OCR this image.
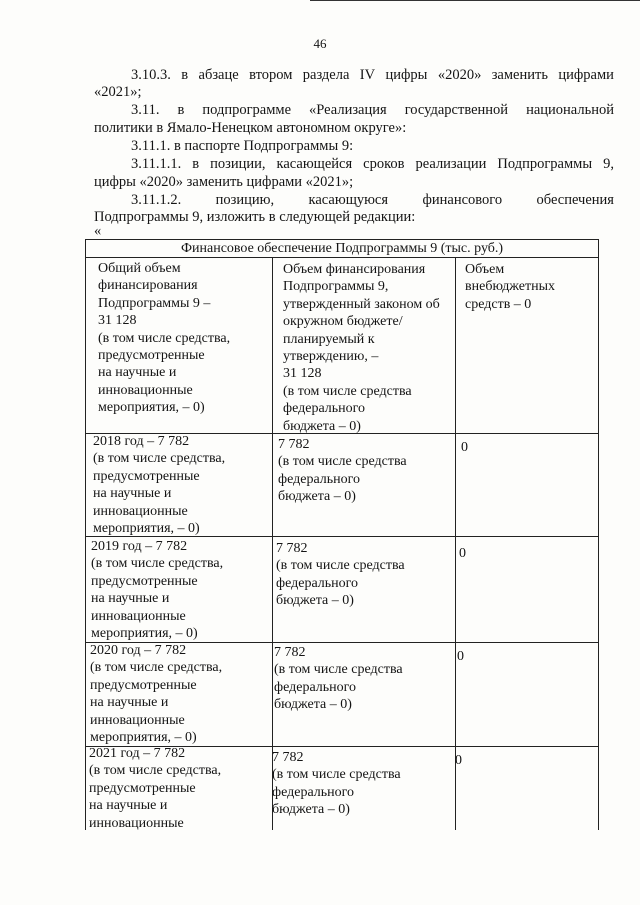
46
3.10.3. в абзаце втором раздела IV цифры «2020» заменить цифрами
«2021»;
3.11. в подпрограмме «Реализация государственной национальной
политики в Ямало-Ненецком автономном округе»:
3.11.1. в паспорте Подпрограммы 9:
3.11.1.1. в позиции, касающейся сроков реализации Подпрограммы 9,
цифры «2020» заменить цифрами «2021»;
3.11.1.2. позицию, касающуюся финансового обеспечения
Подпрограммы 9, изложить в следующей редакции:
«
Финансовое обеспечение Подпрограммы 9 (тыс. руб.)
Общий объем
финансирования
Подпрограммы 9 –
31 128
(в том числе средства,
предусмотренные
на научные и
инновационные
мероприятия, – 0)
Объем финансирования
Подпрограммы 9,
утвержденный законом об
окружном бюджете/
планируемый к
утверждению, –
31 128
(в том числе средства
федерального
бюджета – 0)
Объем
внебюджетных
средств – 0
2018 год – 7 782
(в том числе средства,
предусмотренные
на научные и
инновационные
мероприятия, – 0)
7 782
(в том числе средства
федерального
бюджета – 0)
0
2019 год – 7 782
(в том числе средства,
предусмотренные
на научные и
инновационные
мероприятия, – 0)
7 782
(в том числе средства
федерального
бюджета – 0)
0
2020 год – 7 782
(в том числе средства,
предусмотренные
на научные и
инновационные
мероприятия, – 0)
7 782
(в том числе средства
федерального
бюджета – 0)
0
2021 год – 7 782
(в том числе средства,
предусмотренные
на научные и
инновационные
7 782
(в том числе средства
федерального
бюджета – 0)
0
